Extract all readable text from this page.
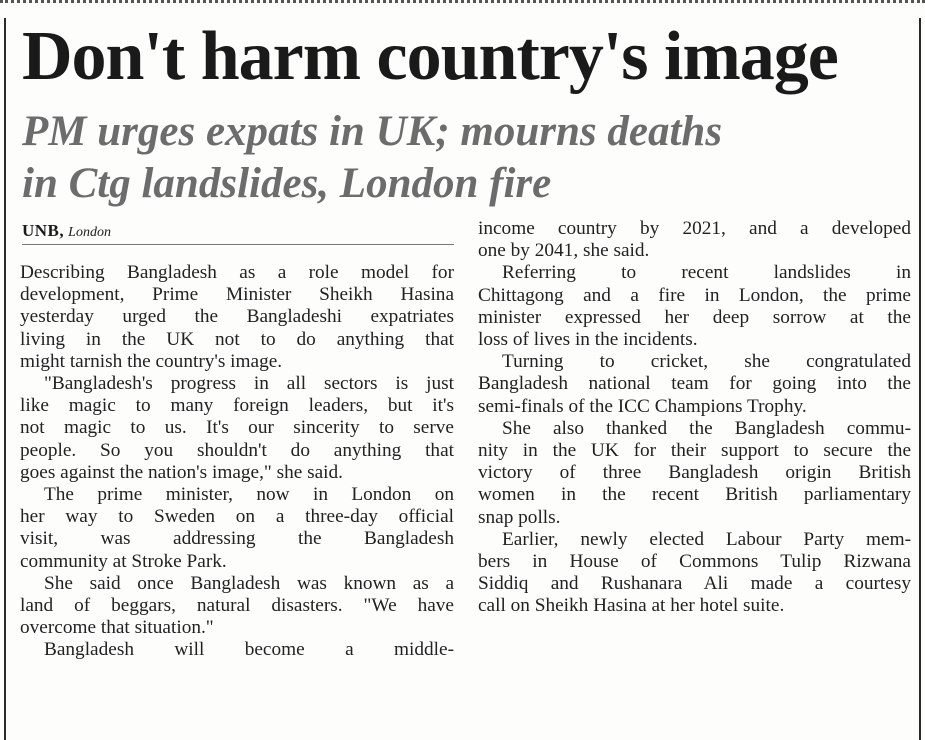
Don't harm country's image
PM urges expats in UK; mourns deaths
in Ctg landslides, London fire
UNB, London

Describing Bangladesh as a role model for
development, Prime Minister Sheikh Hasina
yesterday urged the Bangladeshi expatriates
living in the UK not to do anything that
might tarnish the country's image.

"Bangladesh's progress in all sectors is just
like magic to many foreign leaders, but it's
not magic to us. It's our sincerity to serve
people. So you shouldn't do anything that
goes against the nation's image," she said.

The prime minister, now in London on
her way to Sweden on a three-day official
visit, was addressing the Bangladesh
community at Stroke Park.

She said once Bangladesh was known as a
land of beggars, natural disasters. "We have
overcome that situation."

Bangladesh will become a middle-

income country by 2021, and a developed
one by 2041, she said.

Referring to recent landslides in
Chittagong and a fire in London, the prime
minister expressed her deep sorrow at the
loss of lives in the incidents.

Turning to cricket, she congratulated
Bangladesh national team for going into the
semi-finals of the ICC Champions Trophy.

She also thanked the Bangladesh commu-
nity in the UK for their support to secure the
victory of three Bangladesh origin British
women in the recent British parliamentary
snap polls.

Earlier, newly elected Labour Party mem-
bers in House of Commons Tulip Rizwana
Siddiq and Rushanara Ali made a courtesy
call on Sheikh Hasina at her hotel suite.
